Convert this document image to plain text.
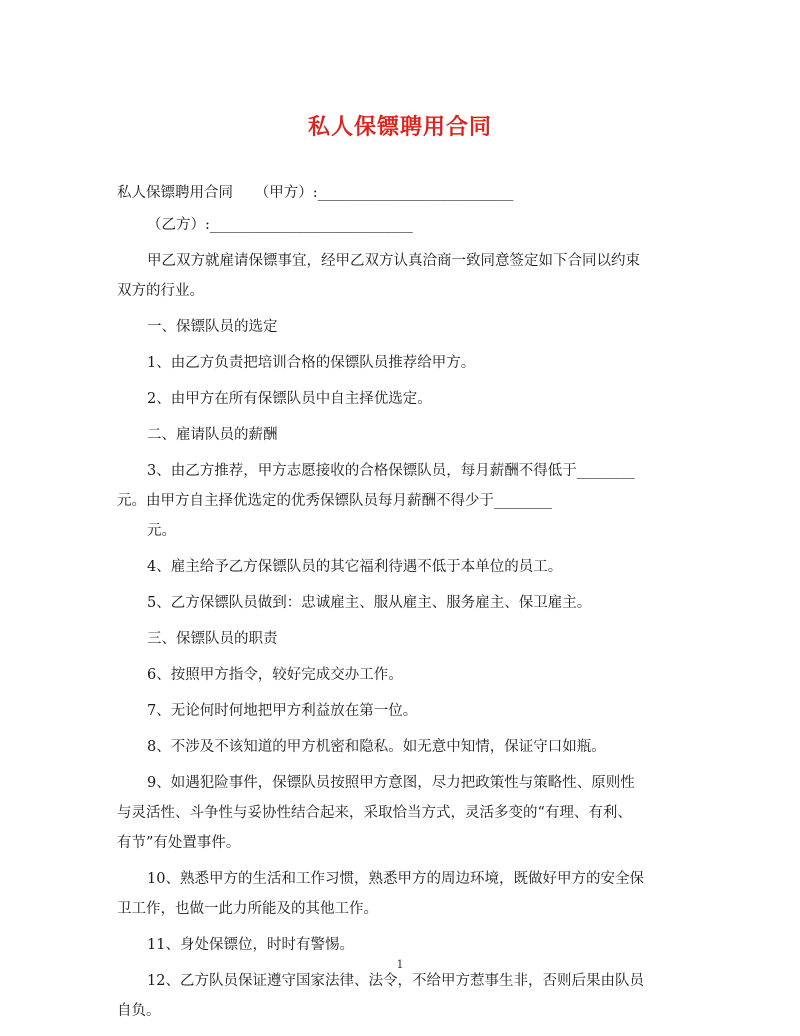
私人保镖聘用合同
私人保镖聘用合同　　（甲方）:___________________________
（乙方）:____________________________
甲乙双方就雇请保镖事宜，经甲乙双方认真洽商一致同意签定如下合同以约束
双方的行业。
一、保镖队员的选定
1、由乙方负责把培训合格的保镖队员推荐给甲方。
2、由甲方在所有保镖队员中自主择优选定。
二、雇请队员的薪酬
3、由乙方推荐，甲方志愿接收的合格保镖队员，每月薪酬不得低于________
元。由甲方自主择优选定的优秀保镖队员每月薪酬不得少于________
元。
4、雇主给予乙方保镖队员的其它福利待遇不低于本单位的员工。
5、乙方保镖队员做到：忠诚雇主、服从雇主、服务雇主、保卫雇主。
三、保镖队员的职责
6、按照甲方指令，较好完成交办工作。
7、无论何时何地把甲方利益放在第一位。
8、不涉及不该知道的甲方机密和隐私。如无意中知情，保证守口如瓶。
9、如遇犯险事件，保镖队员按照甲方意图，尽力把政策性与策略性、原则性
与灵活性、斗争性与妥协性结合起来，采取恰当方式，灵活多变的“有理、有利、
有节”有处置事件。
10、熟悉甲方的生活和工作习惯，熟悉甲方的周边环境，既做好甲方的安全保
卫工作，也做一此力所能及的其他工作。
11、身处保镖位，时时有警惕。
12、乙方队员保证遵守国家法律、法令，不给甲方惹事生非，否则后果由队员
自负。
1
